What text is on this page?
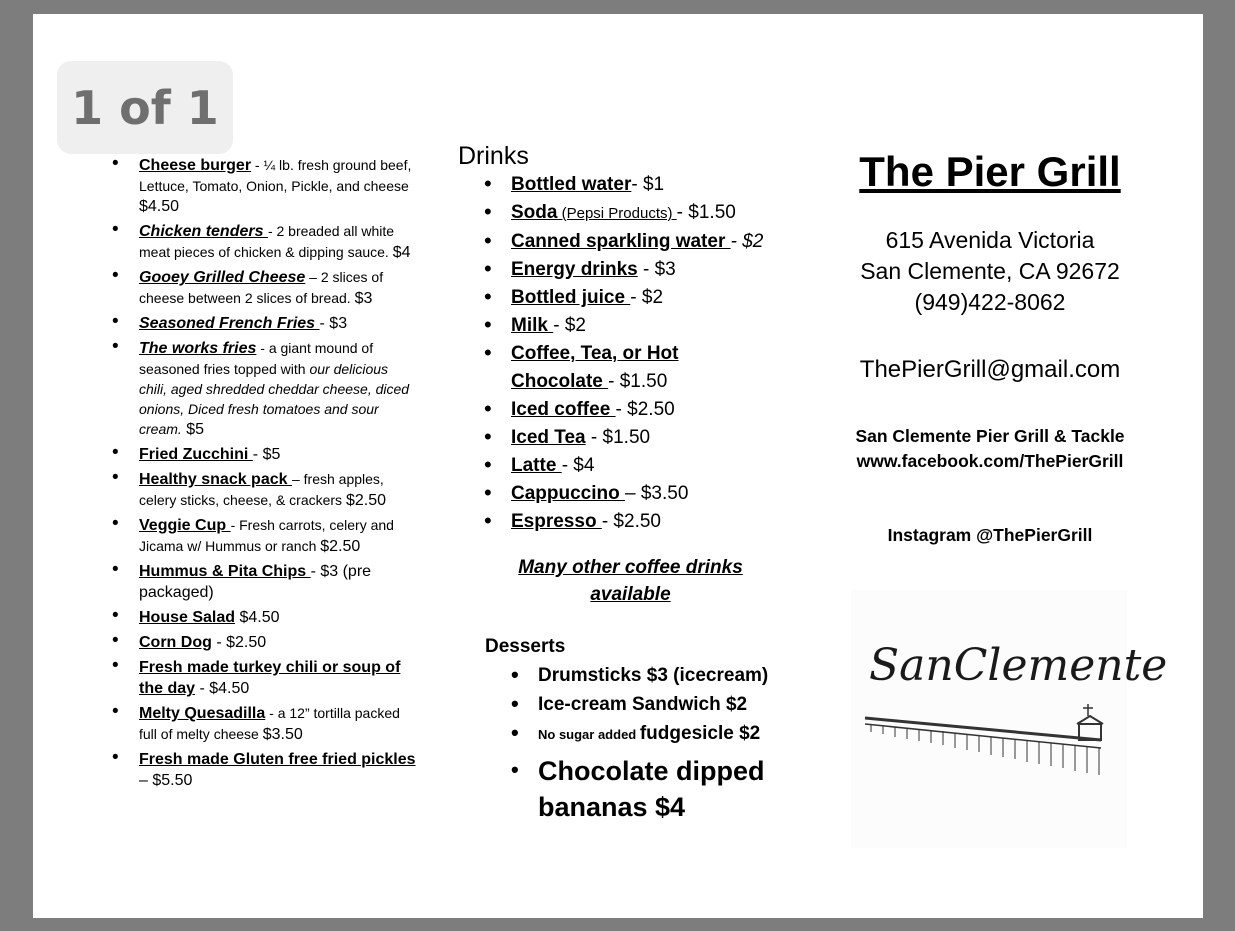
1 of 1
• Cheese burger - ¼ lb. fresh ground beef, Lettuce, Tomato, Onion, Pickle, and cheese $4.50
• Chicken tenders - 2 breaded all white meat pieces of chicken & dipping sauce. $4
• Gooey Grilled Cheese – 2 slices of cheese between 2 slices of bread. $3
• Seasoned French Fries - $3
• The works fries - a giant mound of seasoned fries topped with our delicious chili, aged shredded cheddar cheese, diced onions, Diced fresh tomatoes and sour cream. $5
• Fried Zucchini - $5
• Healthy snack pack – fresh apples, celery sticks, cheese, & crackers $2.50
• Veggie Cup - Fresh carrots, celery and Jicama w/ Hummus or ranch $2.50
• Hummus & Pita Chips - $3 (pre packaged)
• House Salad $4.50
• Corn Dog - $2.50
• Fresh made turkey chili or soup of the day - $4.50
• Melty Quesadilla - a 12” tortilla packed full of melty cheese $3.50
• Fresh made Gluten free fried pickles – $5.50
Drinks
• Bottled water- $1
• Soda (Pepsi Products) - $1.50
• Canned sparkling water - $2
• Energy drinks - $3
• Bottled juice - $2
• Milk - $2
• Coffee, Tea, or Hot Chocolate - $1.50
• Iced coffee - $2.50
• Iced Tea - $1.50
• Latte - $4
• Cappuccino – $3.50
• Espresso - $2.50
Many other coffee drinks available
Desserts
• Drumsticks $3 (icecream)
• Ice-cream Sandwich $2
• No sugar added fudgesicle $2
• Chocolate dipped bananas $4
The Pier Grill
615 Avenida Victoria
San Clemente, CA 92672
(949)422-8062
ThePierGrill@gmail.com
San Clemente Pier Grill & Tackle
www.facebook.com/ThePierGrill
Instagram @ThePierGrill
SanClemente
